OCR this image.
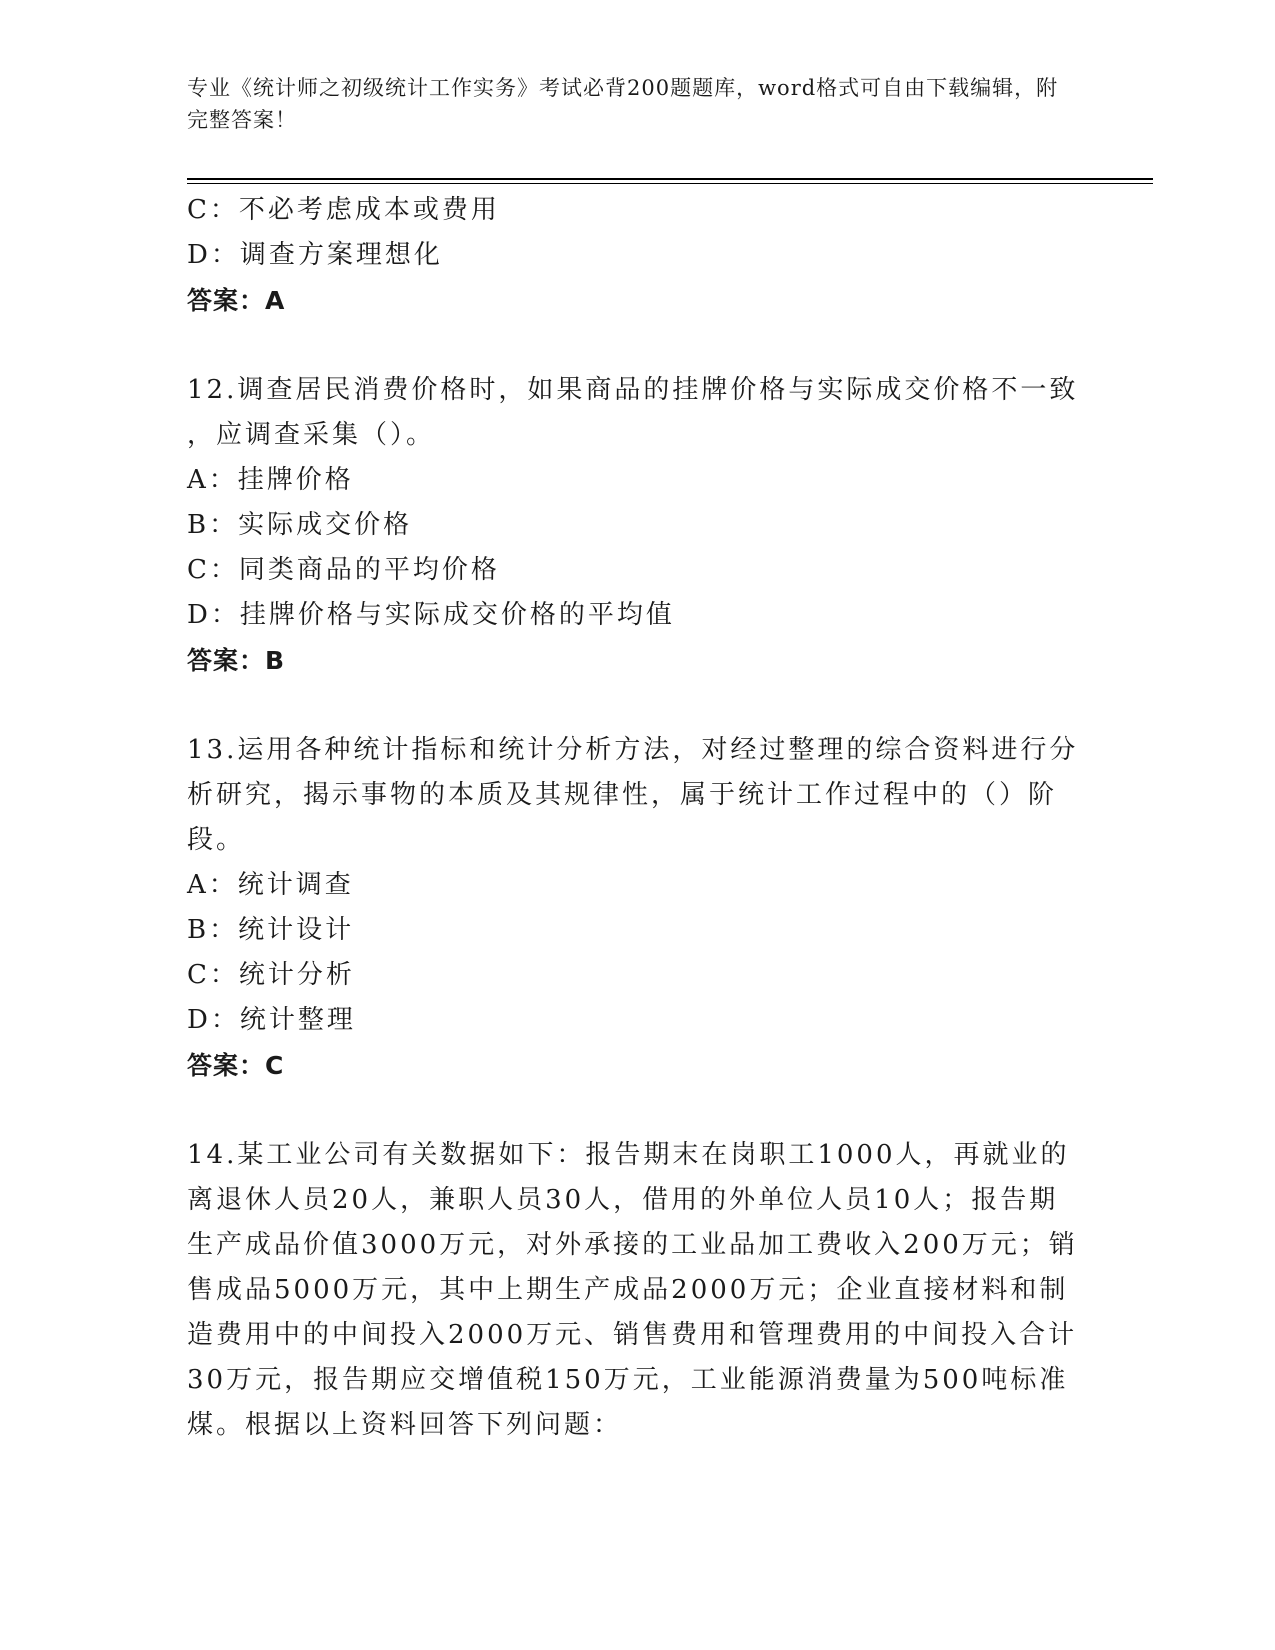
专业《统计师之初级统计工作实务》考试必背200题题库，word格式可自由下载编辑，附完整答案！
C：不必考虑成本或费用
D：调查方案理想化
答案：A
12.调查居民消费价格时，如果商品的挂牌价格与实际成交价格不一致
，应调查采集（）。
A：挂牌价格
B：实际成交价格
C：同类商品的平均价格
D：挂牌价格与实际成交价格的平均值
答案：B
13.运用各种统计指标和统计分析方法，对经过整理的综合资料进行分
析研究，揭示事物的本质及其规律性，属于统计工作过程中的（）阶
段。
A：统计调查
B：统计设计
C：统计分析
D：统计整理
答案：C
14.某工业公司有关数据如下：报告期末在岗职工1000人，再就业的
离退休人员20人，兼职人员30人，借用的外单位人员10人；报告期
生产成品价值3000万元，对外承接的工业品加工费收入200万元；销
售成品5000万元，其中上期生产成品2000万元；企业直接材料和制
造费用中的中间投入2000万元、销售费用和管理费用的中间投入合计
30万元，报告期应交增值税150万元，工业能源消费量为500吨标准
煤。根据以上资料回答下列问题：
